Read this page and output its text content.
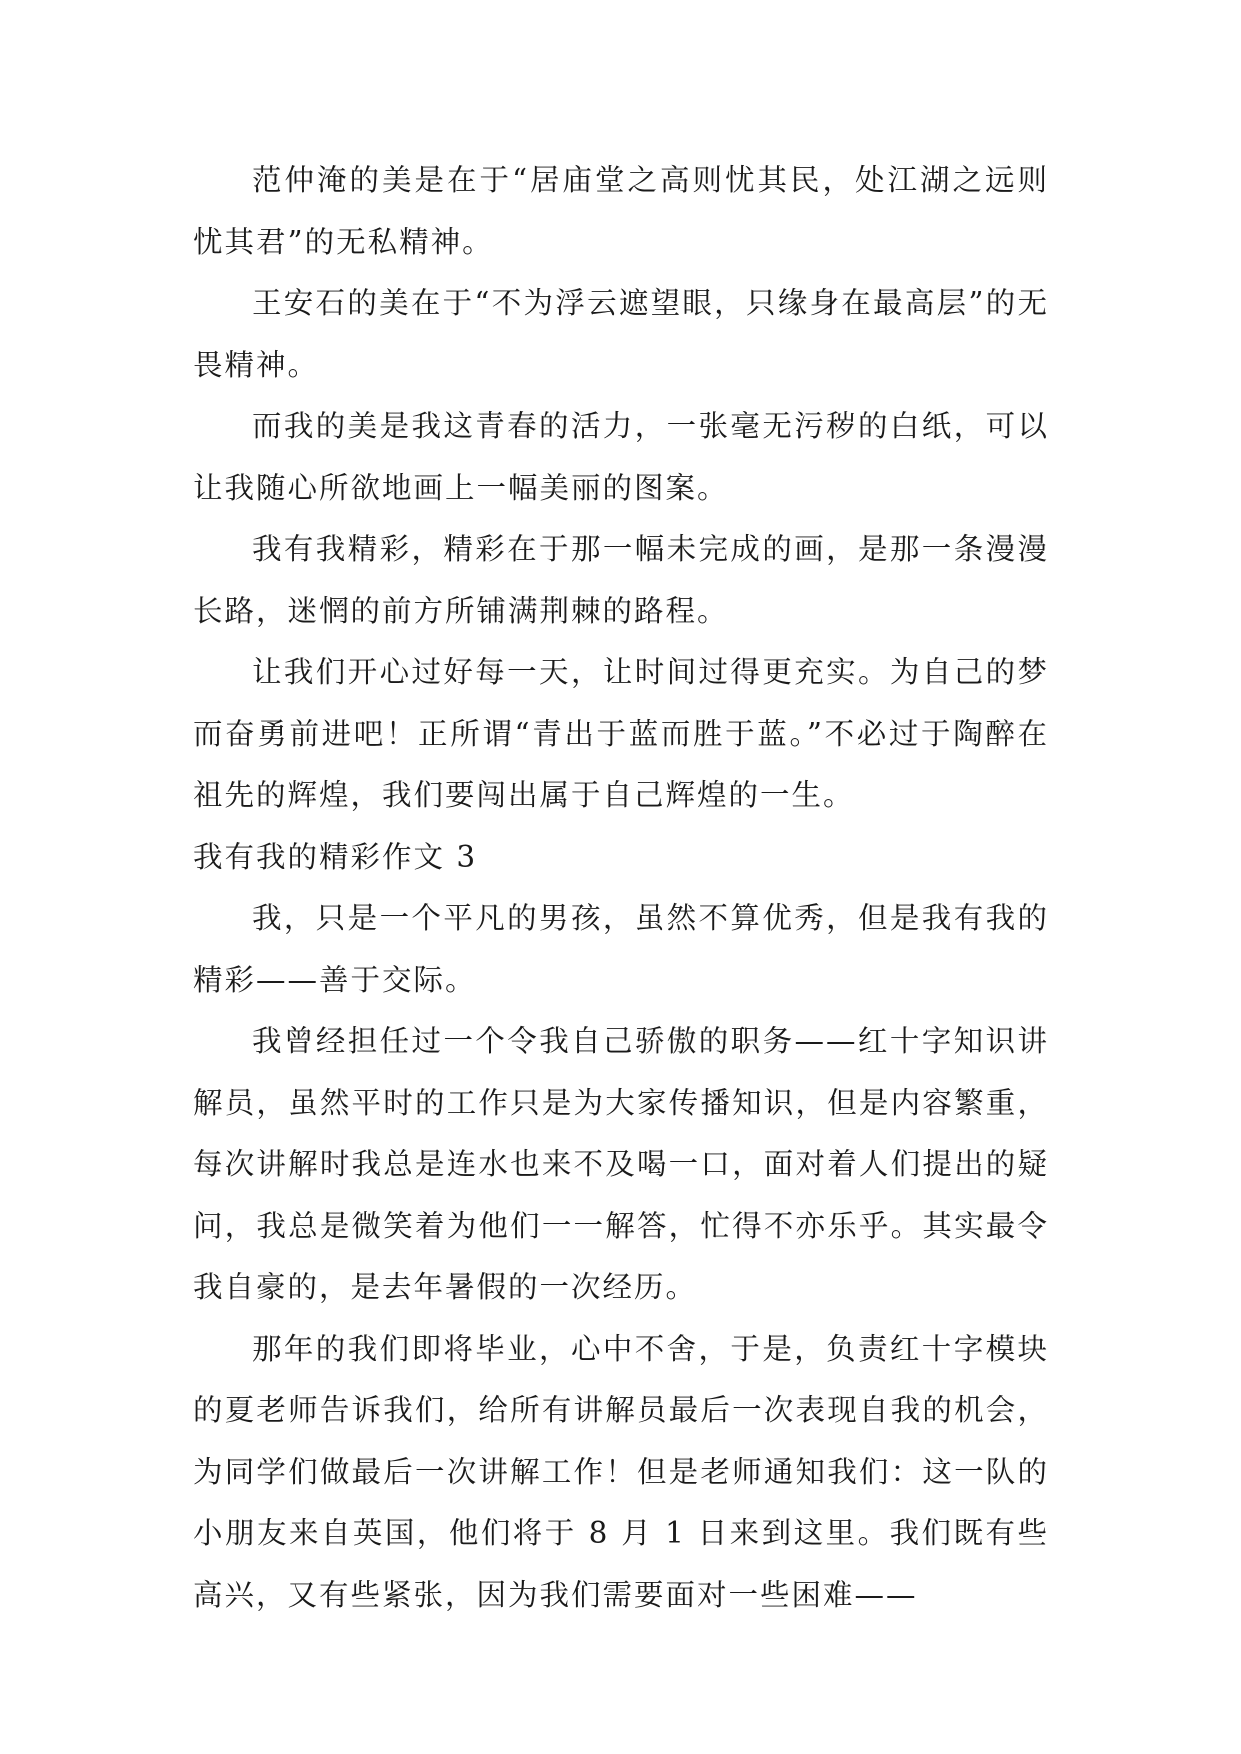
范仲淹的美是在于“居庙堂之高则忧其民，处江湖之远则忧其君”的无私精神。

王安石的美在于“不为浮云遮望眼，只缘身在最高层”的无畏精神。

而我的美是我这青春的活力，一张毫无污秽的白纸，可以让我随心所欲地画上一幅美丽的图案。

我有我精彩，精彩在于那一幅未完成的画，是那一条漫漫长路，迷惘的前方所铺满荆棘的路程。

让我们开心过好每一天，让时间过得更充实。为自己的梦而奋勇前进吧！正所谓“青出于蓝而胜于蓝。”不必过于陶醉在祖先的辉煌，我们要闯出属于自己辉煌的一生。

我有我的精彩作文 3

我，只是一个平凡的男孩，虽然不算优秀，但是我有我的精彩——善于交际。

我曾经担任过一个令我自己骄傲的职务——红十字知识讲解员，虽然平时的工作只是为大家传播知识，但是内容繁重，每次讲解时我总是连水也来不及喝一口，面对着人们提出的疑问，我总是微笑着为他们一一解答，忙得不亦乐乎。其实最令我自豪的，是去年暑假的一次经历。

那年的我们即将毕业，心中不舍，于是，负责红十字模块的夏老师告诉我们，给所有讲解员最后一次表现自我的机会，为同学们做最后一次讲解工作！但是老师通知我们：这一队的小朋友来自英国，他们将于 8 月 1 日来到这里。我们既有些高兴，又有些紧张，因为我们需要面对一些困难——
